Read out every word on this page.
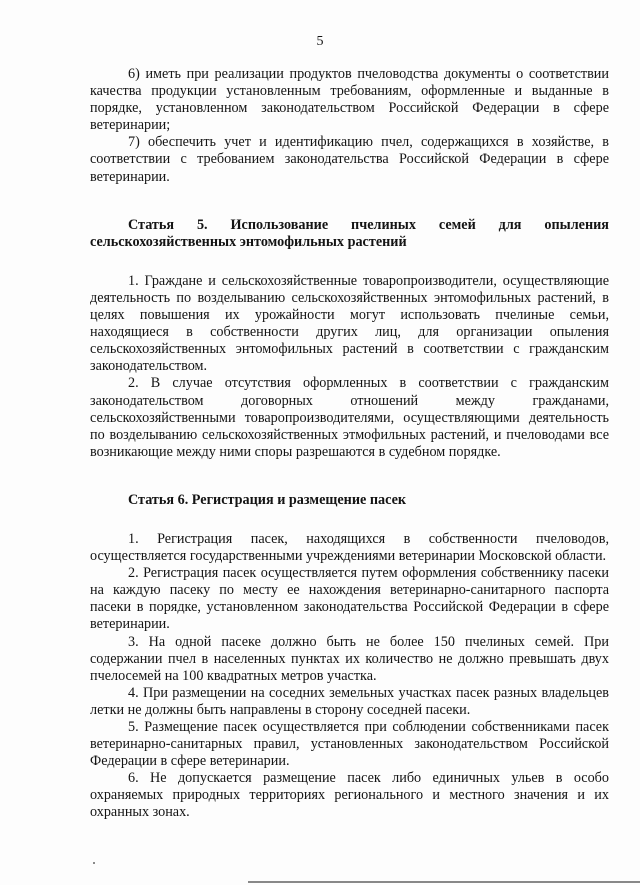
5

6) иметь при реализации продуктов пчеловодства документы о соответствии качества продукции установленным требованиям, оформленные и выданные в порядке, установленном законодательством Российской Федерации в сфере ветеринарии;

7) обеспечить учет и идентификацию пчел, содержащихся в хозяйстве, в соответствии с требованием законодательства Российской Федерации в сфере ветеринарии.

Статья 5. Использование пчелиных семей для опыления сельскохозяйственных энтомофильных растений

1. Граждане и сельскохозяйственные товаропроизводители, осуществляющие деятельность по возделыванию сельскохозяйственных энтомофильных растений, в целях повышения их урожайности могут использовать пчелиные семьи, находящиеся в собственности других лиц, для организации опыления сельскохозяйственных энтомофильных растений в соответствии с гражданским законодательством.

2. В случае отсутствия оформленных в соответствии с гражданским законодательством договорных отношений между гражданами, сельскохозяйственными товаропроизводителями, осуществляющими деятельность по возделыванию сельскохозяйственных этмофильных растений, и пчеловодами все возникающие между ними споры разрешаются в судебном порядке.

Статья 6. Регистрация и размещение пасек

1. Регистрация пасек, находящихся в собственности пчеловодов, осуществляется государственными учреждениями ветеринарии Московской области.

2. Регистрация пасек осуществляется путем оформления собственнику пасеки на каждую пасеку по месту ее нахождения ветеринарно-санитарного паспорта пасеки в порядке, установленном законодательства Российской Федерации в сфере ветеринарии.

3. На одной пасеке должно быть не более 150 пчелиных семей. При содержании пчел в населенных пунктах их количество не должно превышать двух пчелосемей на 100 квадратных метров участка.

4. При размещении на соседних земельных участках пасек разных владельцев летки не должны быть направлены в сторону соседней пасеки.

5. Размещение пасек осуществляется при соблюдении собственниками пасек ветеринарно-санитарных правил, установленных законодательством Российской Федерации в сфере ветеринарии.

6. Не допускается размещение пасек либо единичных ульев в особо охраняемых природных территориях регионального и местного значения и их охранных зонах.
